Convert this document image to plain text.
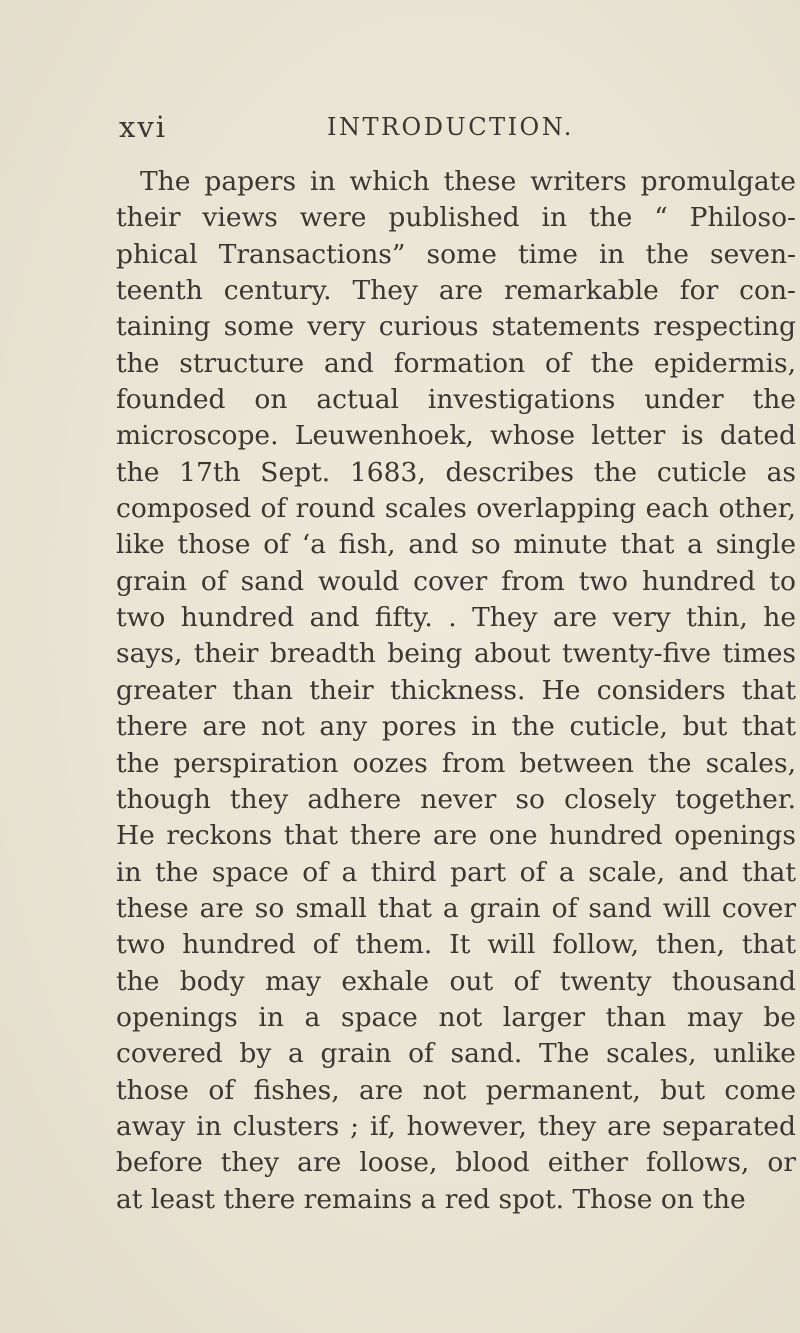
xvi	INTRODUCTION.
The papers in which these writers promulgate
their views were published in the “ Philoso-
phical Transactions” some time in the seven-
teenth century. They are remarkable for con-
taining some very curious statements respecting
the structure and formation of the epidermis,
founded on actual investigations under the
microscope. Leuwenhoek, whose letter is dated
the 17th Sept. 1683, describes the cuticle as
composed of round scales overlapping each other,
like those of ‘a fish, and so minute that a single
grain of sand would cover from two hundred to
two hundred and fifty. . They are very thin, he
says, their breadth being about twenty-five times
greater than their thickness. He considers that
there are not any pores in the cuticle, but that
the perspiration oozes from between the scales,
though they adhere never so closely together.
He reckons that there are one hundred openings
in the space of a third part of a scale, and that
these are so small that a grain of sand will cover
two hundred of them. It will follow, then, that
the body may exhale out of twenty thousand
openings in a space not larger than may be
covered by a grain of sand. The scales, unlike
those of fishes, are not permanent, but come
away in clusters ; if, however, they are separated
before they are loose, blood either follows, or
at least there remains a red spot. Those on the
